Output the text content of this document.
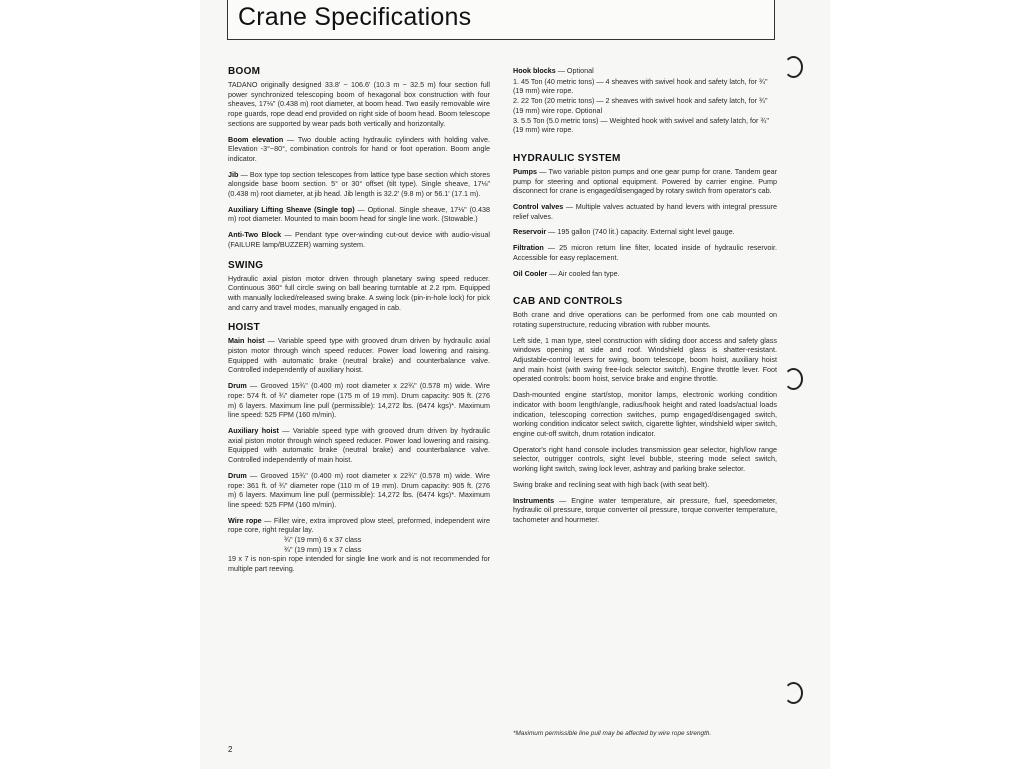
Crane Specifications
BOOM

TADANO originally designed 33.8' ~ 106.6' (10.3 m ~ 32.5 m) four section full power synchronized telescoping boom of hexagonal box construction with four sheaves, 17⅛" (0.438 m) root diameter, at boom head. Two easily removable wire rope guards, rope dead end provided on right side of boom head. Boom telescope sections are supported by wear pads both vertically and horizontally.

Boom elevation — Two double acting hydraulic cylinders with holding valve. Elevation -3°~80°, combination controls for hand or foot operation. Boom angle indicator.

Jib — Box type top section telescopes from lattice type base section which stores alongside base boom section. 5° or 30° offset (tilt type). Single sheave, 17⅛" (0.438 m) root diameter, at jib head. Jib length is 32.2' (9.8 m) or 56.1' (17.1 m).

Auxiliary Lifting Sheave (Single top) — Optional. Single sheave, 17⅛" (0.438 m) root diameter. Mounted to main boom head for single line work. (Stowable.)

Anti-Two Block — Pendant type over-winding cut-out device with audio-visual (FAILURE lamp/BUZZER) warning system.

SWING

Hydraulic axial piston motor driven through planetary swing speed reducer. Continuous 360° full circle swing on ball bearing turntable at 2.2 rpm. Equipped with manually locked/released swing brake. A swing lock (pin-in-hole lock) for pick and carry and travel modes, manually engaged in cab.

HOIST

Main hoist — Variable speed type with grooved drum driven by hydraulic axial piston motor through winch speed reducer. Power load lowering and raising. Equipped with automatic brake (neutral brake) and counterbalance valve. Controlled independently of auxiliary hoist.

Drum — Grooved 15¾" (0.400 m) root diameter x 22¾" (0.578 m) wide. Wire rope: 574 ft. of ¾" diameter rope (175 m of 19 mm). Drum capacity: 905 ft. (276 m) 6 layers. Maximum line pull (permissible): 14,272 lbs. (6474 kgs)*. Maximum line speed: 525 FPM (160 m/min).

Auxiliary hoist — Variable speed type with grooved drum driven by hydraulic axial piston motor through winch speed reducer. Power load lowering and raising. Equipped with automatic brake (neutral brake) and counterbalance valve. Controlled independently of main hoist.

Drum — Grooved 15¾" (0.400 m) root diameter x 22¾" (0.578 m) wide. Wire rope: 361 ft. of ¾" diameter rope (110 m of 19 mm). Drum capacity: 905 ft. (276 m) 6 layers. Maximum line pull (permissible): 14,272 lbs. (6474 kgs)*. Maximum line speed: 525 FPM (160 m/min).

Wire rope — Filler wire, extra improved plow steel, preformed, independent wire rope core, right regular lay.

¾" (19 mm) 6 x 37 class
¾" (19 mm) 19 x 7 class

19 x 7 is non-spin rope intended for single line work and is not recommended for multiple part reeving.

Hook blocks — Optional

1. 45 Ton (40 metric tons) — 4 sheaves with swivel hook and safety latch, for ¾" (19 mm) wire rope.
2. 22 Ton (20 metric tons) — 2 sheaves with swivel hook and safety latch, for ¾" (19 mm) wire rope. Optional
3. 5.5 Ton (5.0 metric tons) — Weighted hook with swivel and safety latch, for ¾" (19 mm) wire rope.
HYDRAULIC SYSTEM

Pumps — Two variable piston pumps and one gear pump for crane. Tandem gear pump for steering and optional equipment. Powered by carrier engine. Pump disconnect for crane is engaged/disengaged by rotary switch from operator's cab.

Control valves — Multiple valves actuated by hand levers with integral pressure relief valves.

Reservoir — 195 gallon (740 lit.) capacity. External sight level gauge.

Filtration — 25 micron return line filter, located inside of hydraulic reservoir. Accessible for easy replacement.

Oil Cooler — Air cooled fan type.

CAB AND CONTROLS

Both crane and drive operations can be performed from one cab mounted on rotating superstructure, reducing vibration with rubber mounts.

Left side, 1 man type, steel construction with sliding door access and safety glass windows opening at side and roof. Windshield glass is shatter-resistant. Adjustable-control levers for swing, boom telescope, boom hoist, auxiliary hoist and main hoist (with swing free-lock selector switch). Engine throttle lever. Foot operated controls: boom hoist, service brake and engine throttle.

Dash-mounted engine start/stop, monitor lamps, electronic working condition indicator with boom length/angle, radius/hook height and rated loads/actual loads indication, telescoping correction switches, pump engaged/disengaged switch, working condition indicator select switch, cigarette lighter, windshield wiper switch, engine cut-off switch, drum rotation indicator.

Operator's right hand console includes transmission gear selector, high/low range selector, outrigger controls, sight level bubble, steering mode select switch, working light switch, swing lock lever, ashtray and parking brake selector.

Swing brake and reclining seat with high back (with seat belt).

Instruments — Engine water temperature, air pressure, fuel, speedometer, hydraulic oil pressure, torque converter oil pressure, torque converter temperature, tachometer and hourmeter.

*Maximum permissible line pull may be affected by wire rope strength.
2
